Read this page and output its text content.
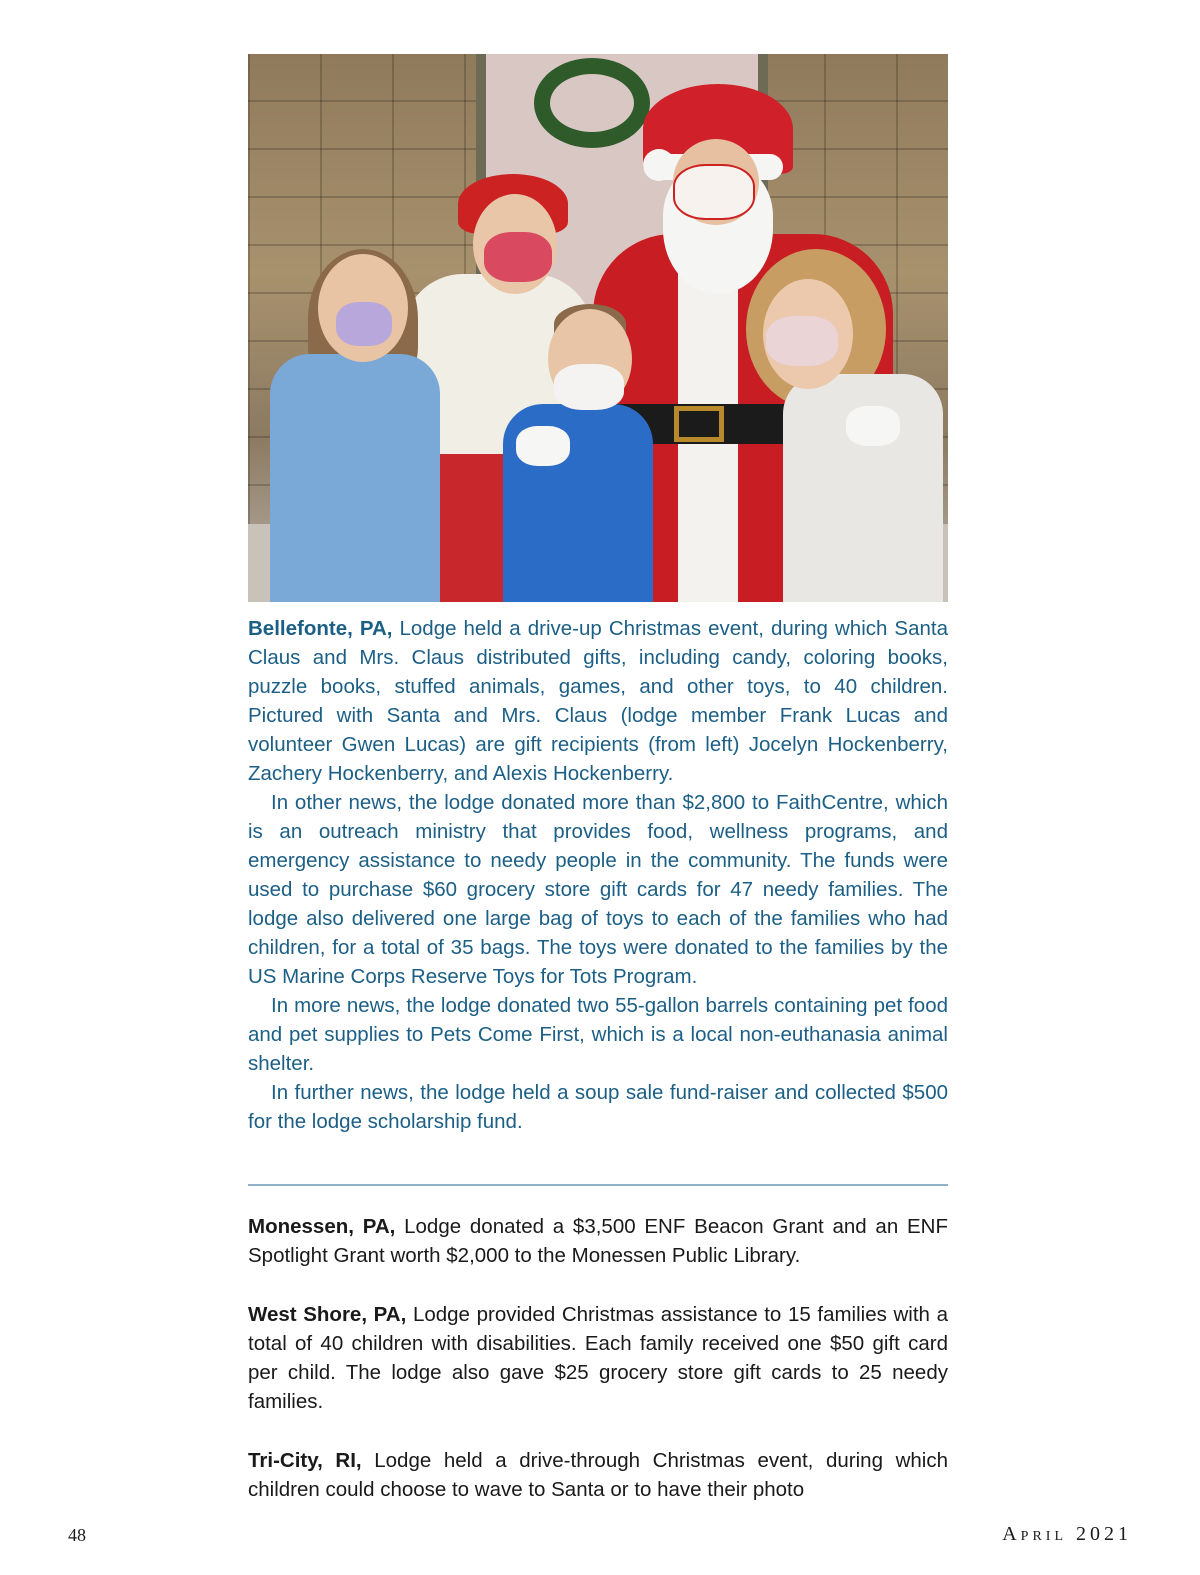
Bellefonte, PA, Lodge held a drive-up Christmas event, during which Santa Claus and Mrs. Claus distributed gifts, including candy, coloring books, puzzle books, stuffed animals, games, and other toys, to 40 children. Pictured with Santa and Mrs. Claus (lodge member Frank Lucas and volunteer Gwen Lucas) are gift recipients (from left) Jocelyn Hockenberry, Zachery Hockenberry, and Alexis Hockenberry.

In other news, the lodge donated more than $2,800 to FaithCentre, which is an outreach ministry that provides food, wellness programs, and emergency assistance to needy people in the community. The funds were used to purchase $60 grocery store gift cards for 47 needy families. The lodge also delivered one large bag of toys to each of the families who had children, for a total of 35 bags. The toys were donated to the families by the US Marine Corps Reserve Toys for Tots Program.

In more news, the lodge donated two 55-gallon barrels containing pet food and pet supplies to Pets Come First, which is a local non-euthanasia animal shelter.

In further news, the lodge held a soup sale fund-raiser and collected $500 for the lodge scholarship fund.

Monessen, PA, Lodge donated a $3,500 ENF Beacon Grant and an ENF Spotlight Grant worth $2,000 to the Monessen Public Library.

West Shore, PA, Lodge provided Christmas assistance to 15 families with a total of 40 children with disabilities. Each family received one $50 gift card per child. The lodge also gave $25 grocery store gift cards to 25 needy families.

Tri-City, RI, Lodge held a drive-through Christmas event, during which children could choose to wave to Santa or to have their photo

48	April 2021
